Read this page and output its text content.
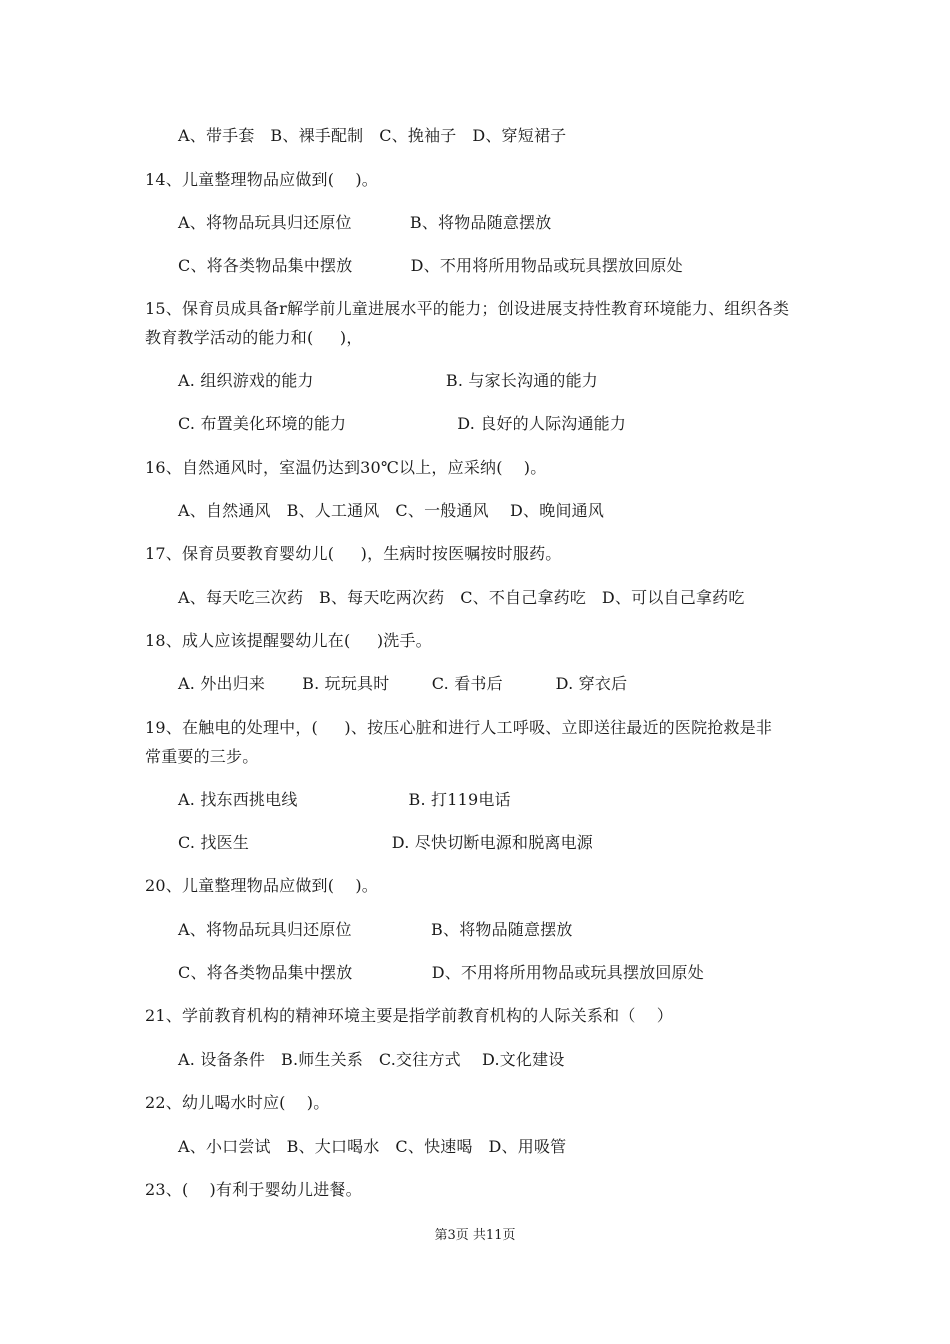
A、带手套   B、裸手配制   C、挽袖子   D、穿短裙子
14、儿童整理物品应做到(    )。
A、将物品玩具归还原位           B、将物品随意摆放
C、将各类物品集中摆放           D、不用将所用物品或玩具摆放回原处
15、保育员成具备r解学前儿童进展水平的能力；创设进展支持性教育环境能力、组织各类
教育教学活动的能力和(     )，
A. 组织游戏的能力                         B. 与家长沟通的能力
C. 布置美化环境的能力                     D. 良好的人际沟通能力
16、自然通风时，室温仍达到30℃以上，应采纳(    )。
A、自然通风   B、人工通风   C、一般通风    D、晚间通风
17、保育员要教育婴幼儿(     )，生病时按医嘱按时服药。
A、每天吃三次药   B、每天吃两次药   C、不自己拿药吃   D、可以自己拿药吃
18、成人应该提醒婴幼儿在(     )洗手。
A. 外出归来       B. 玩玩具时        C. 看书后          D. 穿衣后
19、在触电的处理中，(     )、按压心脏和进行人工呼吸、立即送往最近的医院抢救是非
常重要的三步。
A. 找东西挑电线                     B. 打119电话
C. 找医生                           D. 尽快切断电源和脱离电源
20、儿童整理物品应做到(    )。
A、将物品玩具归还原位               B、将物品随意摆放
C、将各类物品集中摆放               D、不用将所用物品或玩具摆放回原处
21、学前教育机构的精神环境主要是指学前教育机构的人际关系和（    ）
A. 设备条件   B.师生关系   C.交往方式    D.文化建设
22、幼儿喝水时应(    )。
A、小口尝试   B、大口喝水   C、快速喝   D、用吸管
23、(    )有利于婴幼儿进餐。
第3页 共11页
